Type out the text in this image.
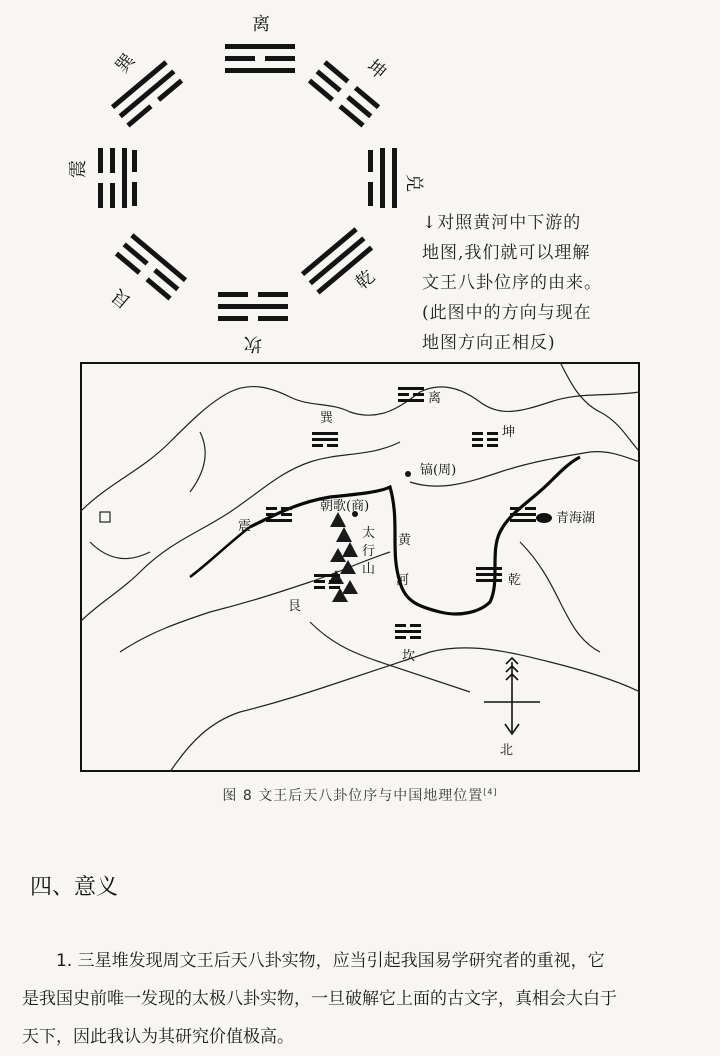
离
坤
兑
乾
坎
艮
震
巽
↓对照黄河中下游的
地图,我们就可以理解
文王八卦位序的由来。
(此图中的方向与现在
地图方向正相反)
离
巽
坤
镐(周)
震
朝歌(商)
太
行
山
黄
河
青海湖
艮
乾
坎
北
图 8 文王后天八卦位序与中国地理位置[4]
四、意义
1. 三星堆发现周文王后天八卦实物，应当引起我国易学研究者的重视，它
是我国史前唯一发现的太极八卦实物，一旦破解它上面的古文字，真相会大白于
天下，因此我认为其研究价值极高。
